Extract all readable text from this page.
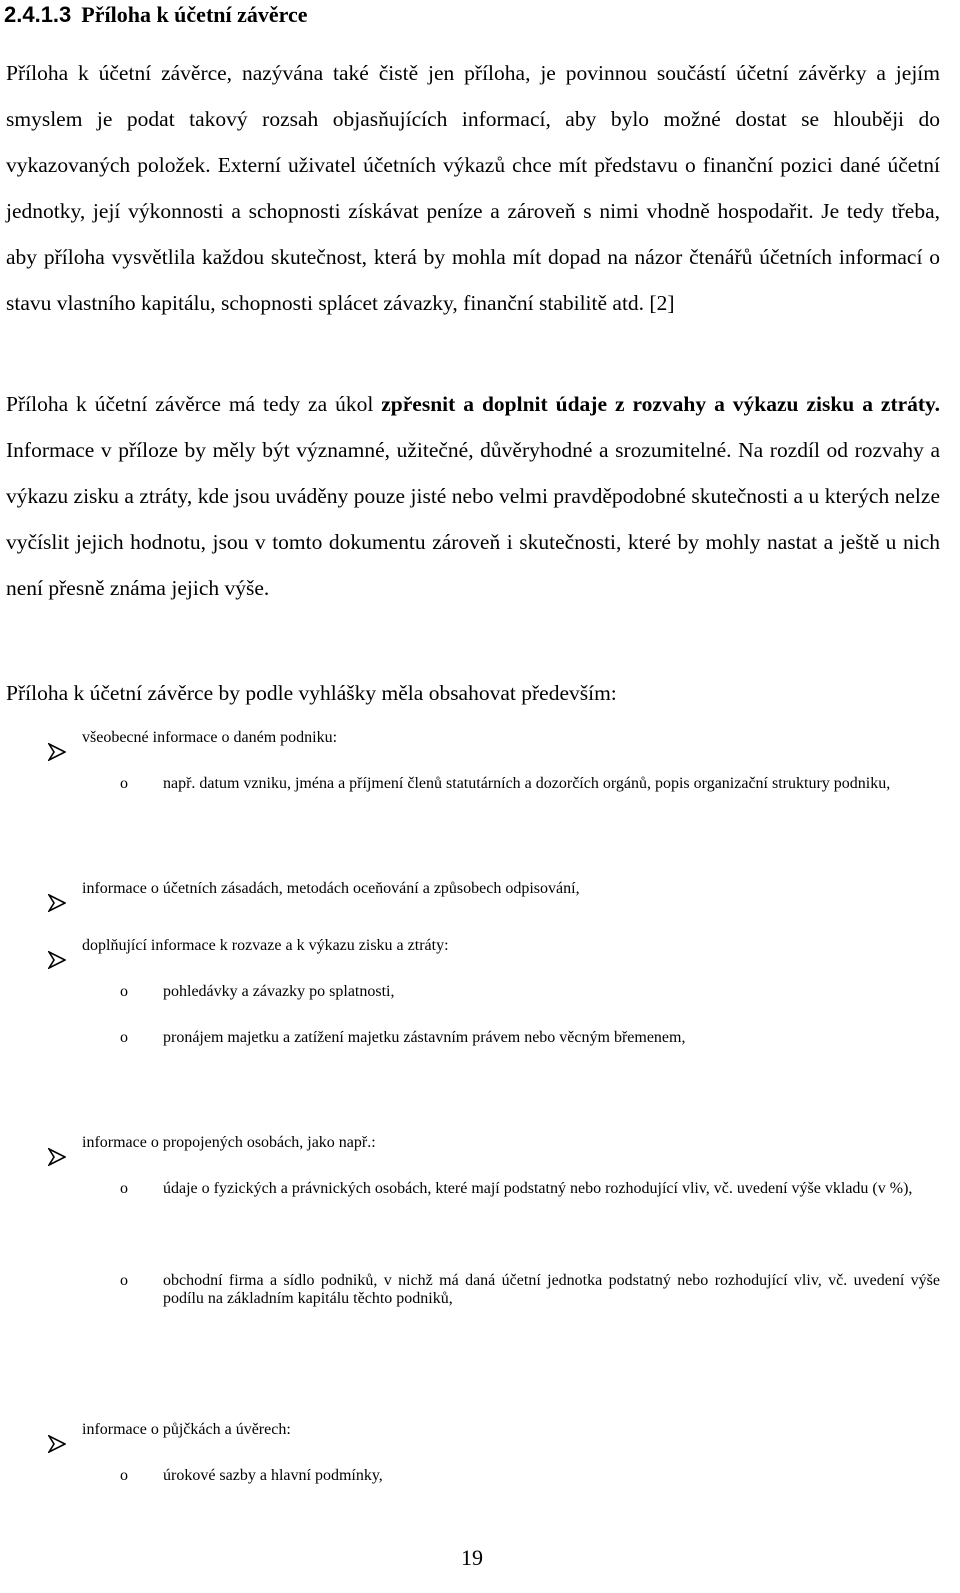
2.4.1.3 Příloha k účetní závěrce

Příloha k účetní závěrce, nazývána také čistě jen příloha, je povinnou součástí účetní závěrky a jejím smyslem je podat takový rozsah objasňujících informací, aby bylo možné dostat se hlouběji do vykazovaných položek. Externí uživatel účetních výkazů chce mít představu o finanční pozici dané účetní jednotky, její výkonnosti a schopnosti získávat peníze a zároveň s nimi vhodně hospodařit. Je tedy třeba, aby příloha vysvětlila každou skutečnost, která by mohla mít dopad na názor čtenářů účetních informací o stavu vlastního kapitálu, schopnosti splácet závazky, finanční stabilitě atd. [2]

Příloha k účetní závěrce má tedy za úkol zpřesnit a doplnit údaje z rozvahy a výkazu zisku a ztráty. Informace v příloze by měly být významné, užitečné, důvěryhodné a srozumitelné. Na rozdíl od rozvahy a výkazu zisku a ztráty, kde jsou uváděny pouze jisté nebo velmi pravděpodobné skutečnosti a u kterých nelze vyčíslit jejich hodnotu, jsou v tomto dokumentu zároveň i skutečnosti, které by mohly nastat a ještě u nich není přesně známa jejich výše.

Příloha k účetní závěrce by podle vyhlášky měla obsahovat především:

všeobecné informace o daném podniku:
o	např. datum vzniku, jména a příjmení členů statutárních a dozorčích orgánů, popis organizační struktury podniku,
informace o účetních zásadách, metodách oceňování a způsobech odpisování,
doplňující informace k rozvaze a k výkazu zisku a ztráty:
o	pohledávky a závazky po splatnosti,
o	pronájem majetku a zatížení majetku zástavním právem nebo věcným břemenem,
informace o propojených osobách, jako např.:
o	údaje o fyzických a právnických osobách, které mají podstatný nebo rozhodující vliv, vč. uvedení výše vkladu (v %),
o	obchodní firma a sídlo podniků, v nichž má daná účetní jednotka podstatný nebo rozhodující vliv, vč. uvedení výše podílu na základním kapitálu těchto podniků,
informace o půjčkách a úvěrech:
o	úrokové sazby a hlavní podmínky,
19
